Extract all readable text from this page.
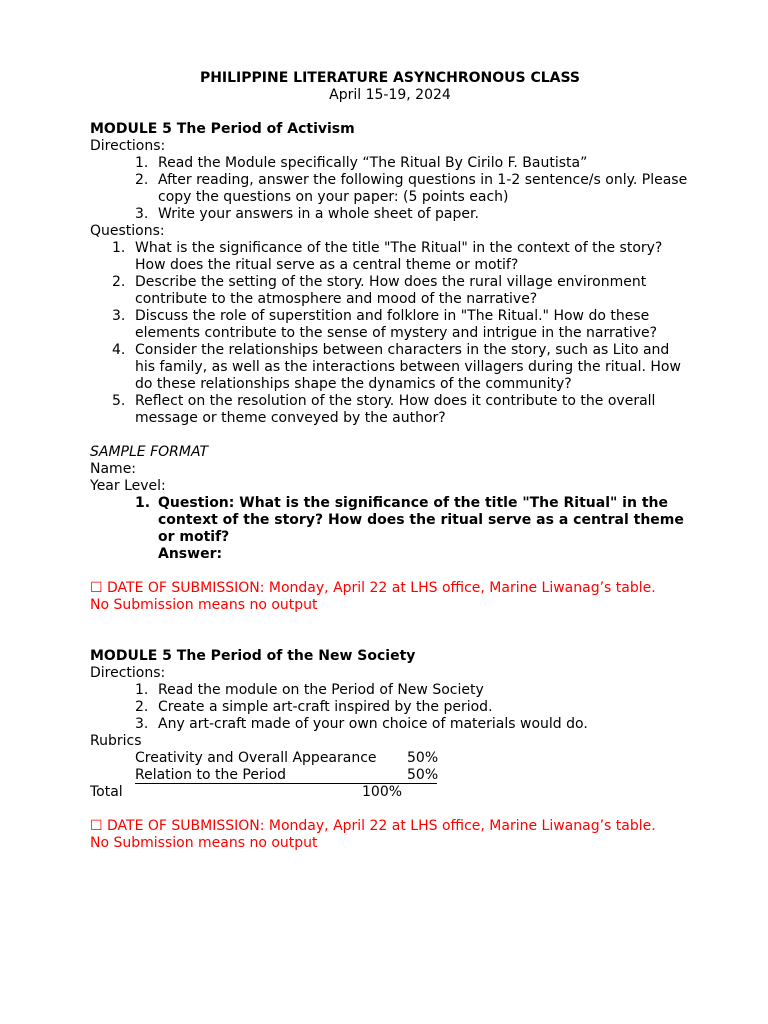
PHILIPPINE LITERATURE ASYNCHRONOUS CLASS
April 15-19, 2024
MODULE 5 The Period of Activism
Directions:
1. Read the Module specifically “The Ritual By Cirilo F. Bautista”
2. After reading, answer the following questions in 1-2 sentence/s only. Please copy the questions on your paper: (5 points each)
3. Write your answers in a whole sheet of paper.
Questions:
1. What is the significance of the title "The Ritual" in the context of the story? How does the ritual serve as a central theme or motif?
2. Describe the setting of the story. How does the rural village environment contribute to the atmosphere and mood of the narrative?
3. Discuss the role of superstition and folklore in "The Ritual." How do these elements contribute to the sense of mystery and intrigue in the narrative?
4. Consider the relationships between characters in the story, such as Lito and his family, as well as the interactions between villagers during the ritual. How do these relationships shape the dynamics of the community?
5. Reflect on the resolution of the story. How does it contribute to the overall message or theme conveyed by the author?
SAMPLE FORMAT
Name:
Year Level:
1. Question: What is the significance of the title "The Ritual" in the context of the story? How does the ritual serve as a central theme or motif?
Answer:
☐ DATE OF SUBMISSION: Monday, April 22 at LHS office, Marine Liwanag’s table.
No Submission means no output
MODULE 5 The Period of the New Society
Directions:
1. Read the module on the Period of New Society
2. Create a simple art-craft inspired by the period.
3. Any art-craft made of your own choice of materials would do.
Rubrics
Creativity and Overall Appearance 50%
Relation to the Period	50%
Total	100%
☐ DATE OF SUBMISSION: Monday, April 22 at LHS office, Marine Liwanag’s table.
No Submission means no output
